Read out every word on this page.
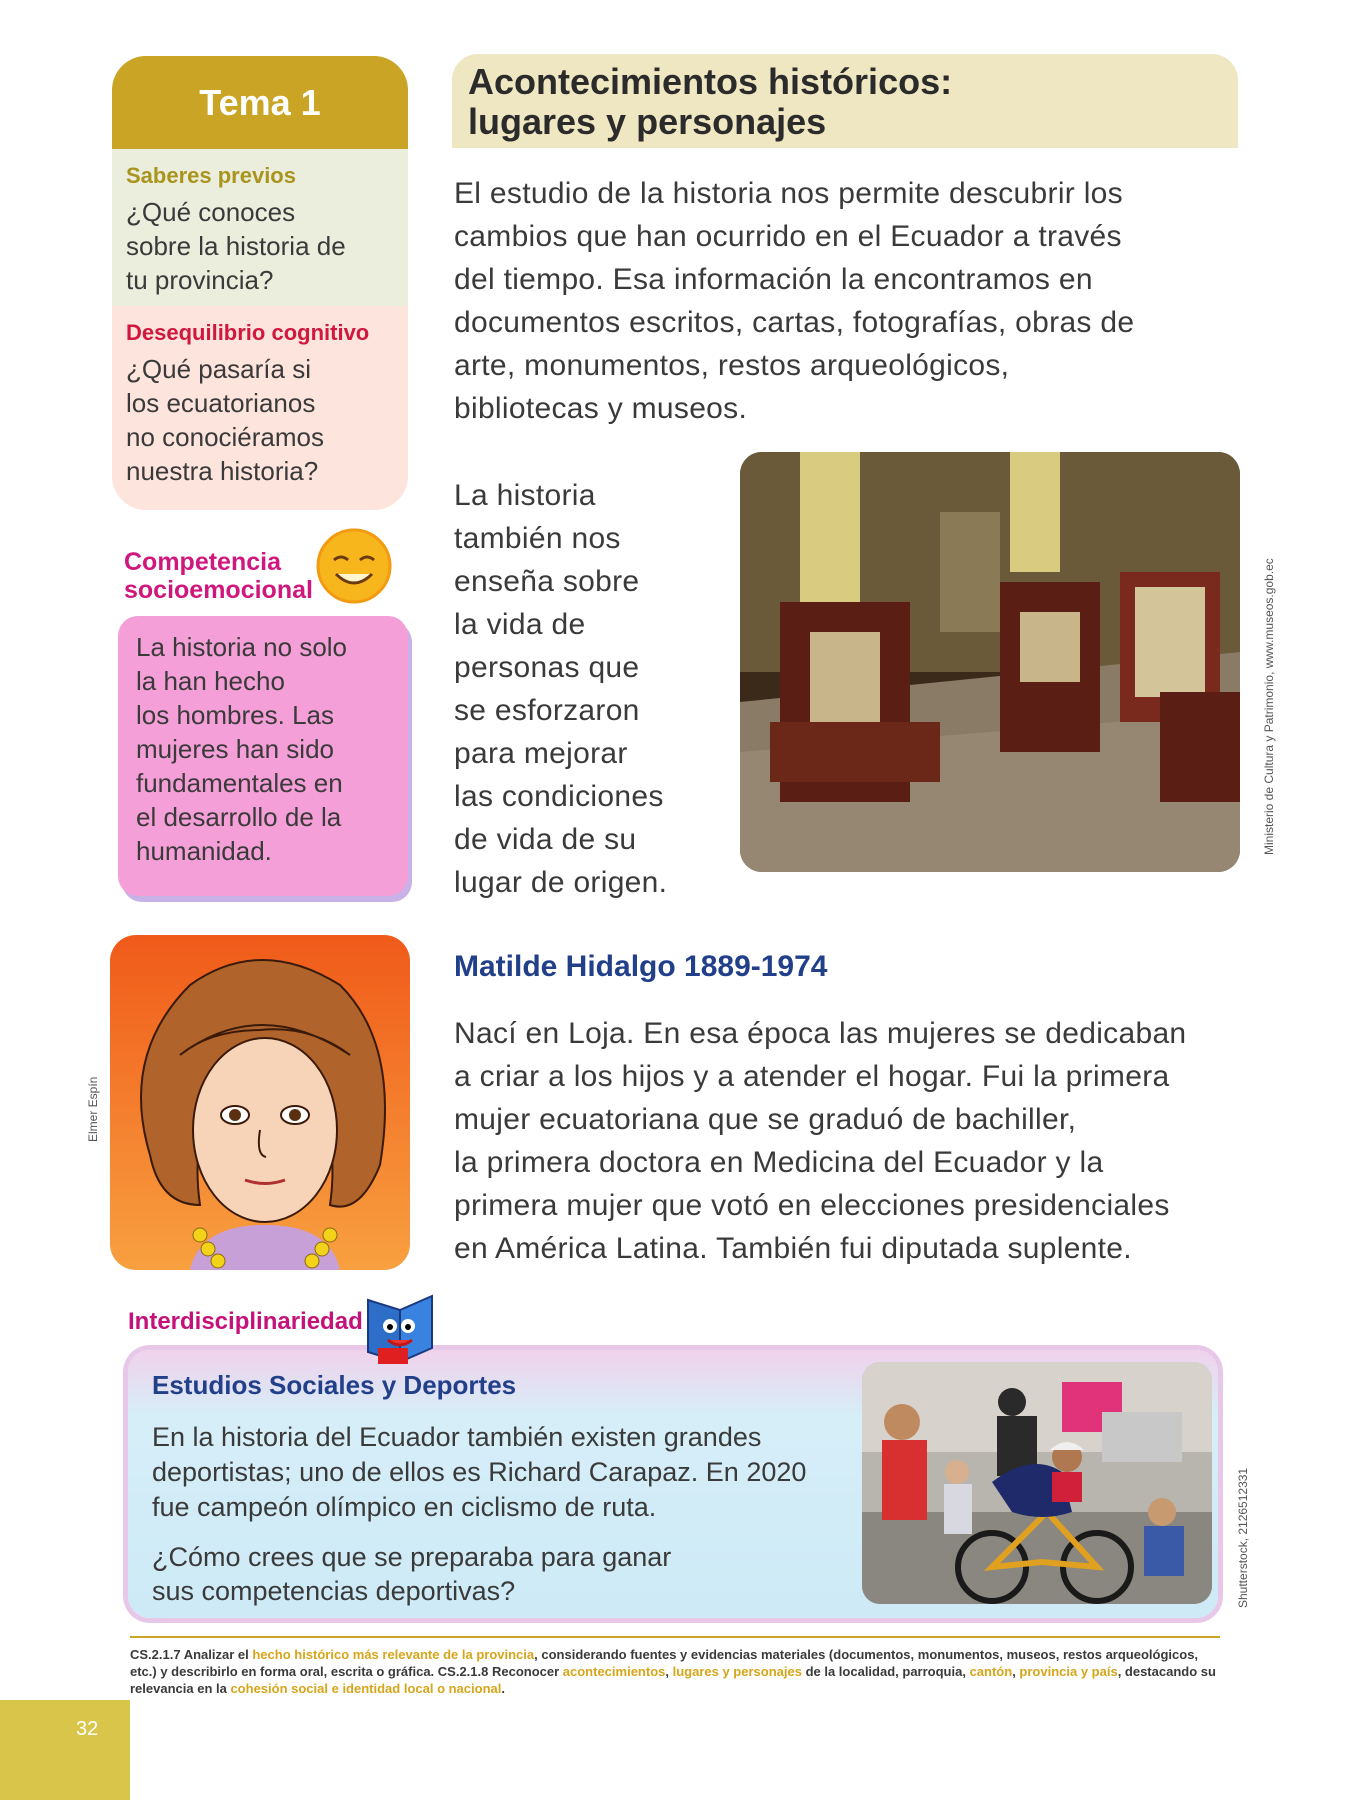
Tema 1
Saberes previos
¿Qué conoces
sobre la historia de
tu provincia?
Desequilibrio cognitivo
¿Qué pasaría si
los ecuatorianos
no conociéramos
nuestra historia?
Acontecimientos históricos:
lugares y personajes
El estudio de la historia nos permite descubrir los
cambios que han ocurrido en el Ecuador a través
del tiempo. Esa información la encontramos en
documentos escritos, cartas, fotografías, obras de
arte, monumentos, restos arqueológicos,
bibliotecas y museos.
La historia
también nos
enseña sobre
la vida de
personas que
se esforzaron
para mejorar
las condiciones
de vida de su
lugar de origen.
Ministerio de Cultura y Patrimonio, www.museos.gob.ec
Competencia
socioemocional
La historia no solo
la han hecho
los hombres. Las
mujeres han sido
fundamentales en
el desarrollo de la
humanidad.
Elmer Espín
Matilde Hidalgo 1889-1974
Nací en Loja. En esa época las mujeres se dedicaban
a criar a los hijos y a atender el hogar. Fui la primera
mujer ecuatoriana que se graduó de bachiller,
la primera doctora en Medicina del Ecuador y la
primera mujer que votó en elecciones presidenciales
en América Latina. También fui diputada suplente.
Interdisciplinariedad
Estudios Sociales y Deportes
En la historia del Ecuador también existen grandes
deportistas; uno de ellos es Richard Carapaz. En 2020
fue campeón olímpico en ciclismo de ruta.
¿Cómo crees que se preparaba para ganar
sus competencias deportivas?	Shutterstock, 2126512331
CS.2.1.7 Analizar el hecho histórico más relevante de la provincia, considerando fuentes y evidencias materiales (documentos, monumentos, museos, restos arqueológicos, etc.) y describirlo en forma oral, escrita o gráfica. CS.2.1.8 Reconocer acontecimientos, lugares y personajes de la localidad, parroquia, cantón, provincia y país, destacando su relevancia en la cohesión social e identidad local o nacional.
32
